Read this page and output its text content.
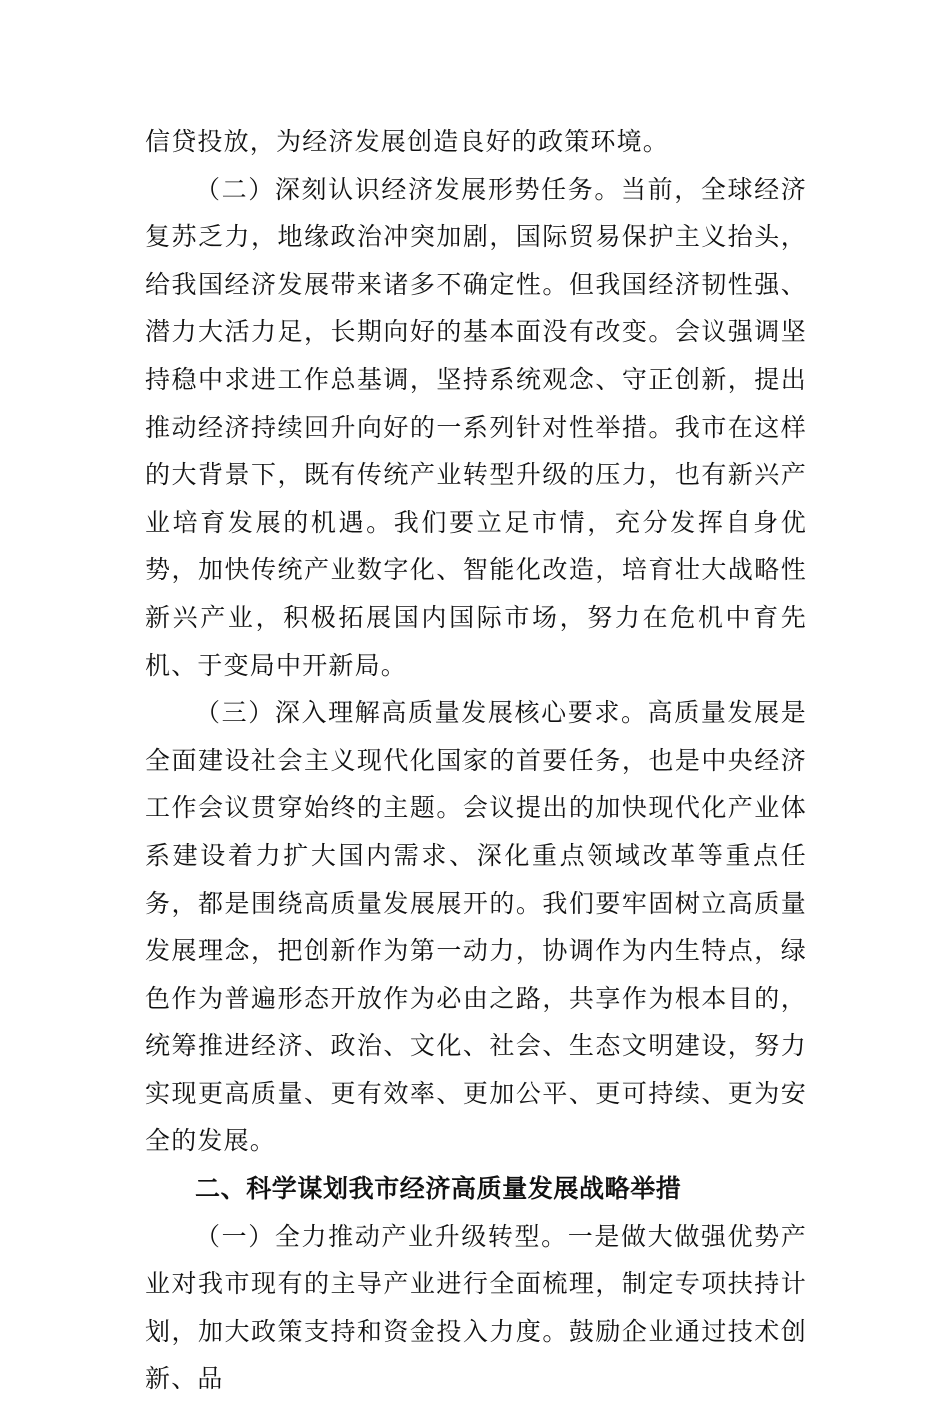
信贷投放，为经济发展创造良好的政策环境。

（二）深刻认识经济发展形势任务。当前，全球经济复苏乏力，地缘政治冲突加剧，国际贸易保护主义抬头，给我国经济发展带来诸多不确定性。但我国经济韧性强、潜力大活力足，长期向好的基本面没有改变。会议强调坚持稳中求进工作总基调，坚持系统观念、守正创新，提出推动经济持续回升向好的一系列针对性举措。我市在这样的大背景下，既有传统产业转型升级的压力，也有新兴产业培育发展的机遇。我们要立足市情，充分发挥自身优势，加快传统产业数字化、智能化改造，培育壮大战略性新兴产业，积极拓展国内国际市场，努力在危机中育先机、于变局中开新局。

（三）深入理解高质量发展核心要求。高质量发展是全面建设社会主义现代化国家的首要任务，也是中央经济工作会议贯穿始终的主题。会议提出的加快现代化产业体系建设着力扩大国内需求、深化重点领域改革等重点任务，都是围绕高质量发展展开的。我们要牢固树立高质量发展理念，把创新作为第一动力，协调作为内生特点，绿色作为普遍形态开放作为必由之路，共享作为根本目的，统筹推进经济、政治、文化、社会、生态文明建设，努力实现更高质量、更有效率、更加公平、更可持续、更为安全的发展。

二、科学谋划我市经济高质量发展战略举措

（一）全力推动产业升级转型。一是做大做强优势产业对我市现有的主导产业进行全面梳理，制定专项扶持计划，加大政策支持和资金投入力度。鼓励企业通过技术创新、品
